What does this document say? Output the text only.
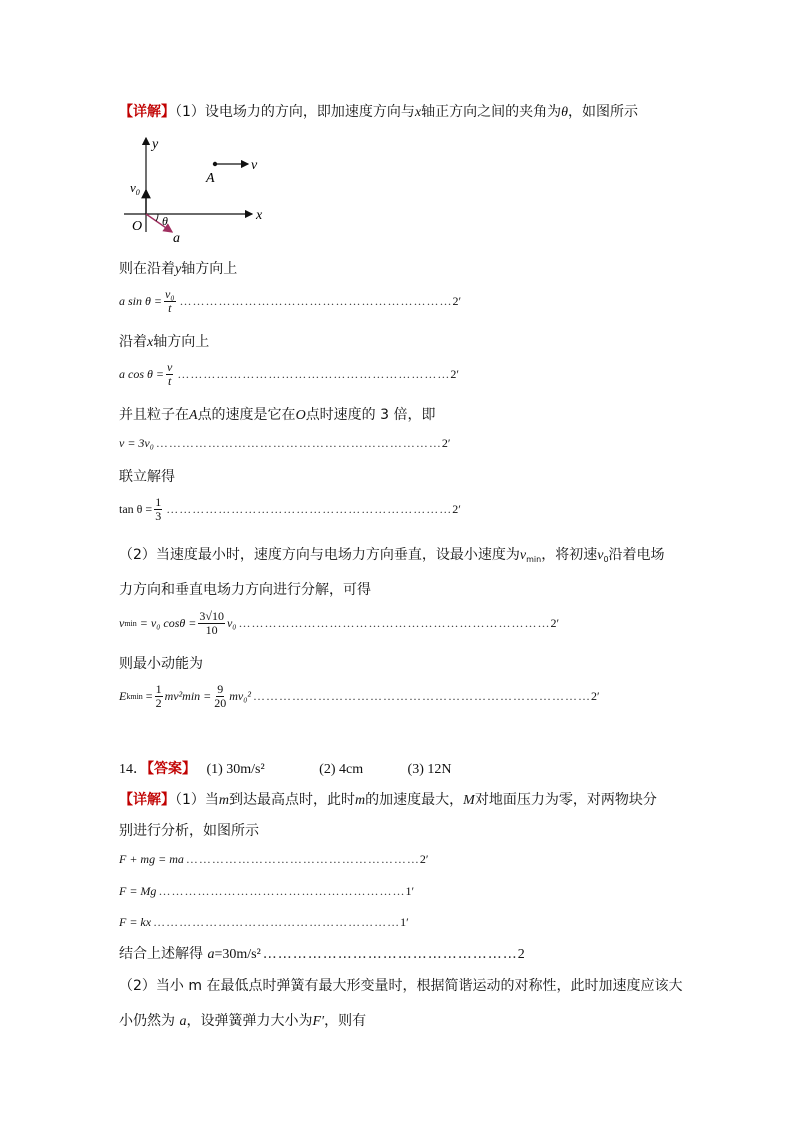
【详解】（1）设电场力的方向，即加速度方向与x轴正方向之间的夹角为θ，如图所示
y
x
O
$v_0$
A
v
θ
a
则在沿着y轴方向上
a $\sin \theta = \frac{\text{v₀}}{t}$ ……………………………………………………… 2′
沿着x轴方向上
a $\cos \theta = \frac{v}{t}$ ……………………………………………………… 2′
并且粒子在A点的速度是它在O点时速度的 3 倍，即
v = 3v₀ ………………………………………………………… 2′
联立解得
$\tan \theta = \frac{1}{3}$ ………………………………………………………… 2′
（2）当速度最小时，速度方向与电场力方向垂直，设最小速度为$v_{min}$，将初速$v_0$沿着电场
力方向和垂直电场力方向进行分解，可得
v min = v₀ $\cos\theta = \frac{3√10}{10} v_0$ ……………………………………………………………… 2′
则最小动能为
E $kmin = \frac{1}{2} mv^2\min = \frac{9}{20} mv_0^2$ …………………………………………………………………… 2′
14．【答案】 (1) 30m/s²	(2) 4cm	(3) 12N
【详解】（1）当m到达最高点时，此时m的加速度最大，M对地面压力为零，对两物块分
别进行分析，如图所示
F + mg = ma ……………………………………………… 2′
F = Mg ………………………………………………… 1′
F = kx ………………………………………………… 1′
结合上述解得 a=30m/s² ……………………………………………2
（2）当小 m 在最低点时弹簧有最大形变量时，根据简谐运动的对称性，此时加速度应该大
小仍然为 a，设弹簧弹力大小为F′，则有
